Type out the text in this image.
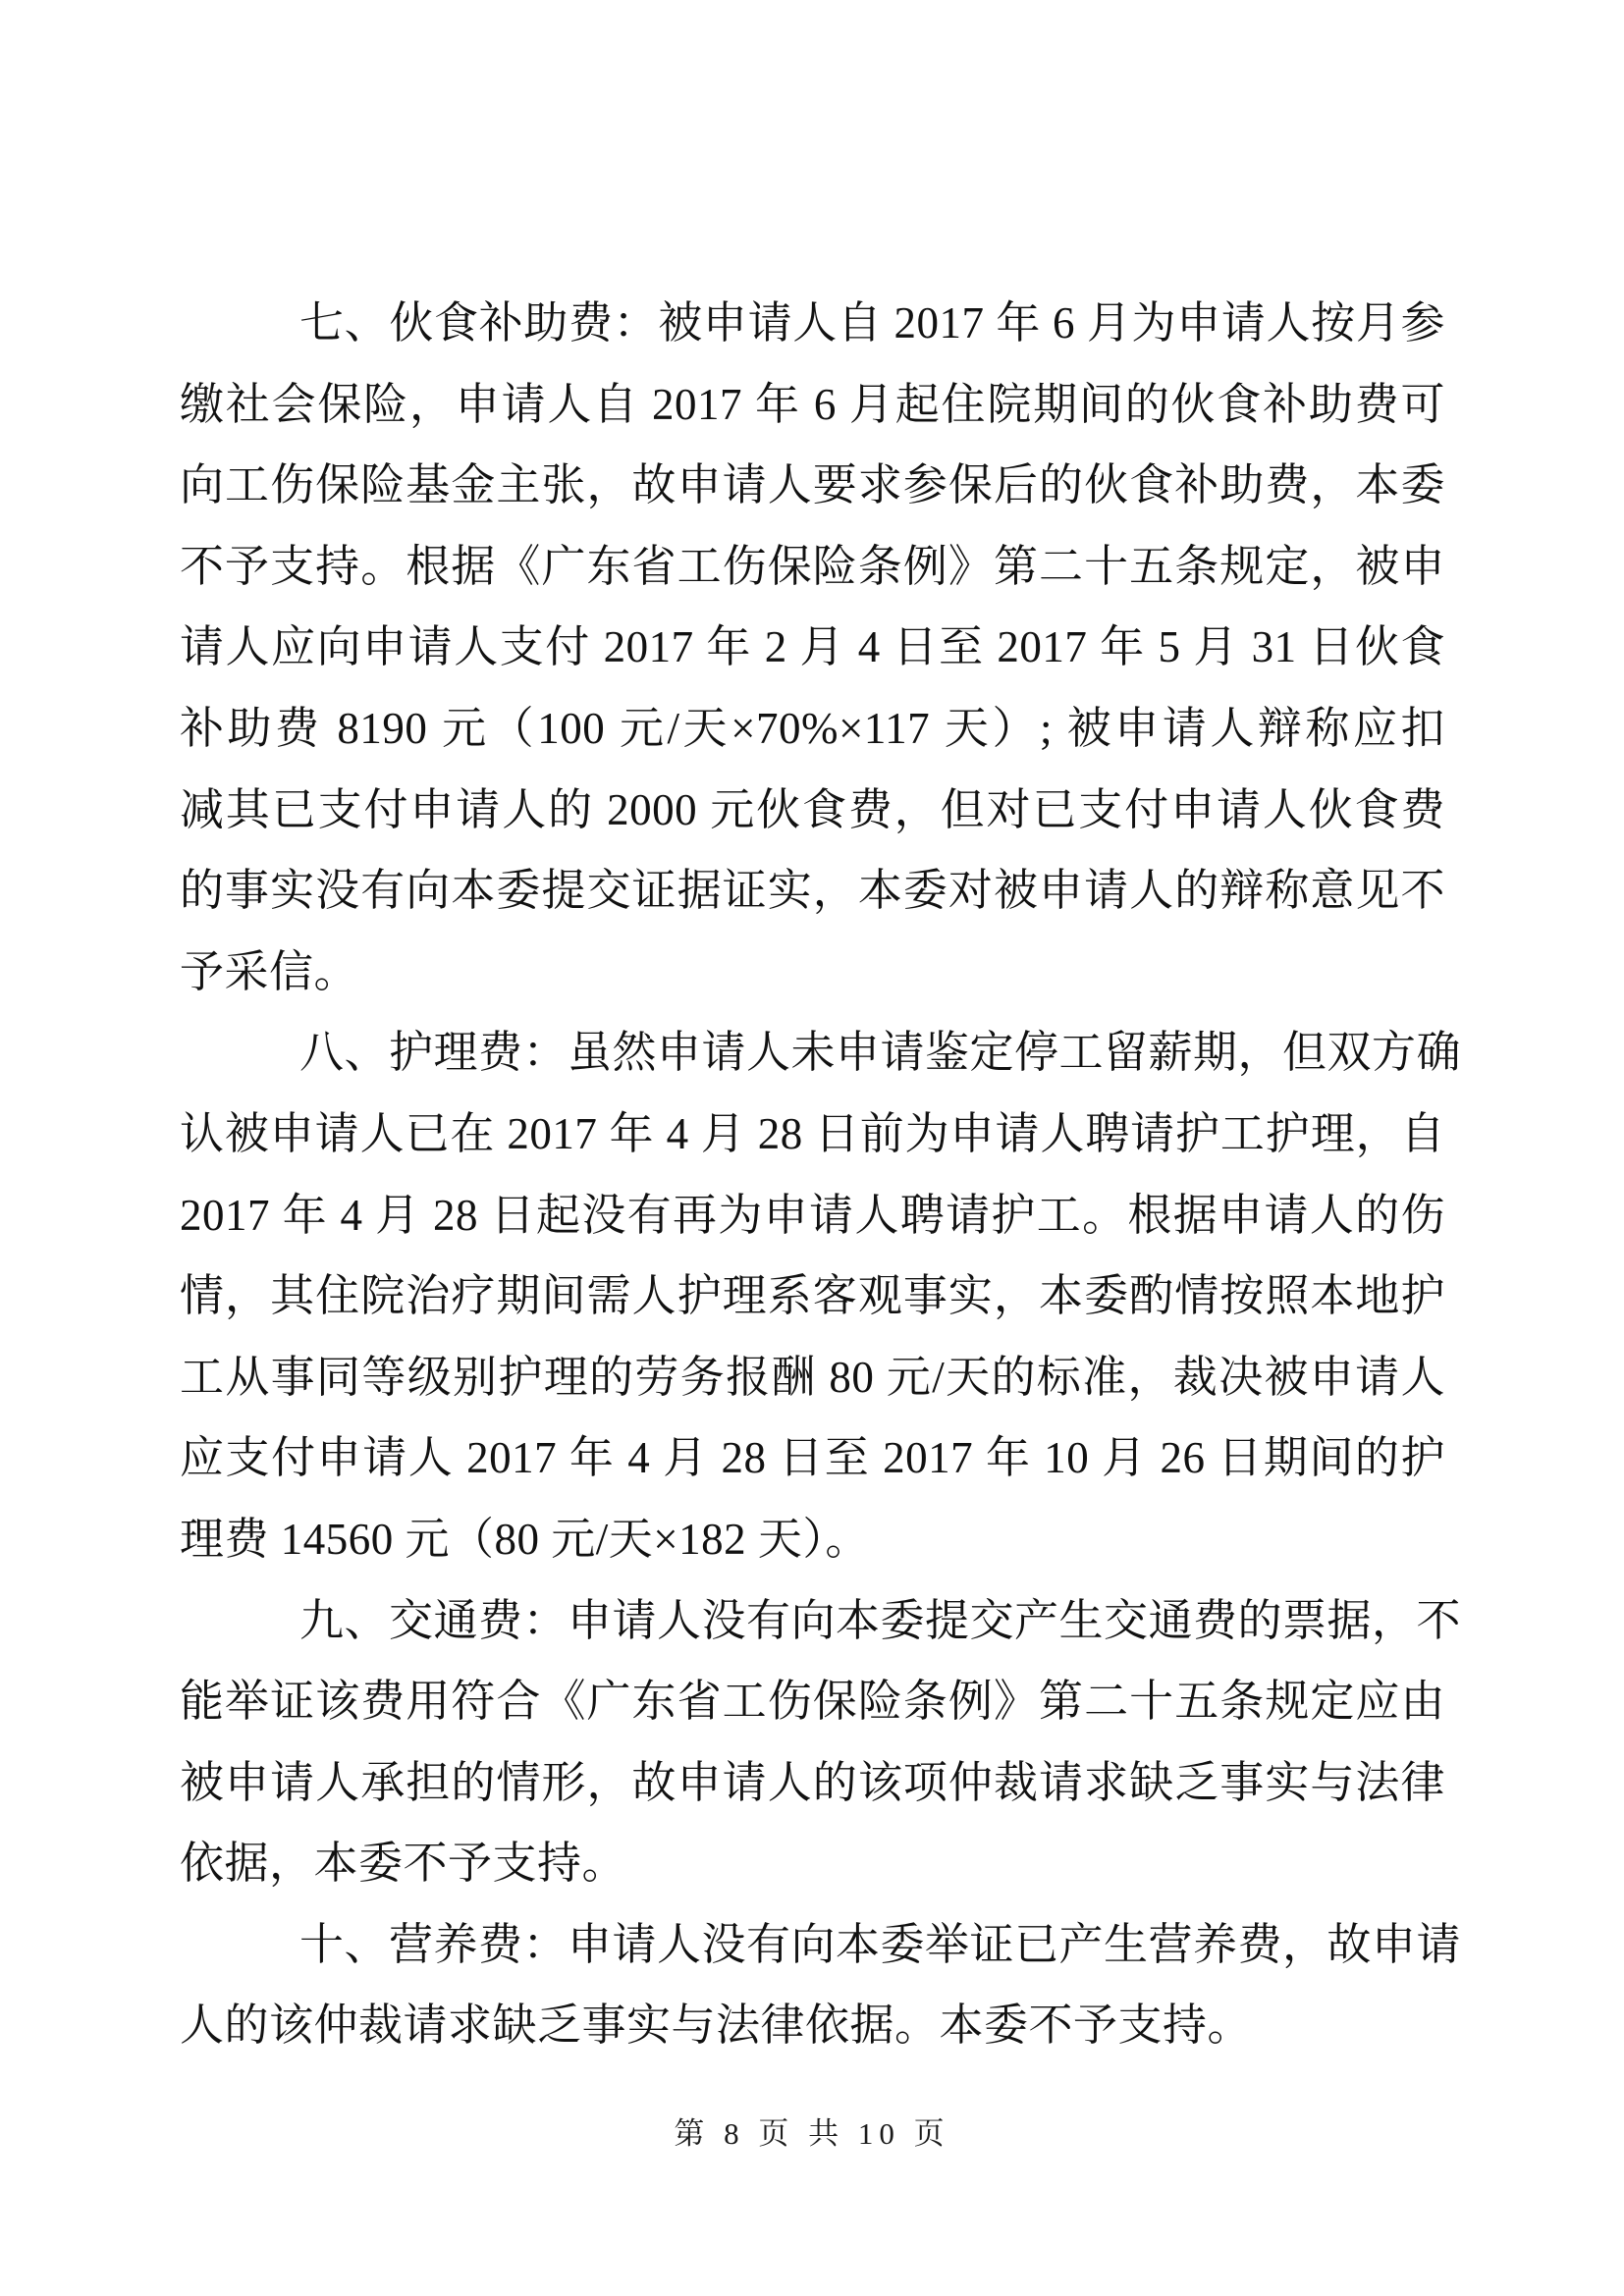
七、伙食补助费：被申请人自 2017 年 6 月为申请人按月参
缴社会保险，申请人自 2017 年 6 月起住院期间的伙食补助费可
向工伤保险基金主张，故申请人要求参保后的伙食补助费，本委
不予支持。根据《广东省工伤保险条例》第二十五条规定，被申
请人应向申请人支付 2017 年 2 月 4 日至 2017 年 5 月 31 日伙食
补助费 8190 元（100 元/天×70%×117 天）; 被申请人辩称应扣
减其已支付申请人的 2000 元伙食费，但对已支付申请人伙食费
的事实没有向本委提交证据证实，本委对被申请人的辩称意见不
予采信。
八、护理费：虽然申请人未申请鉴定停工留薪期，但双方确
认被申请人已在 2017 年 4 月 28 日前为申请人聘请护工护理，自
2017 年 4 月 28 日起没有再为申请人聘请护工。根据申请人的伤
情，其住院治疗期间需人护理系客观事实，本委酌情按照本地护
工从事同等级别护理的劳务报酬 80 元/天的标准，裁决被申请人
应支付申请人 2017 年 4 月 28 日至 2017 年 10 月 26 日期间的护
理费 14560 元（80 元/天×182 天）。
九、交通费：申请人没有向本委提交产生交通费的票据，不
能举证该费用符合《广东省工伤保险条例》第二十五条规定应由
被申请人承担的情形，故申请人的该项仲裁请求缺乏事实与法律
依据，本委不予支持。
十、营养费：申请人没有向本委举证已产生营养费，故申请
人的该仲裁请求缺乏事实与法律依据。本委不予支持。
第 8 页 共 10 页
